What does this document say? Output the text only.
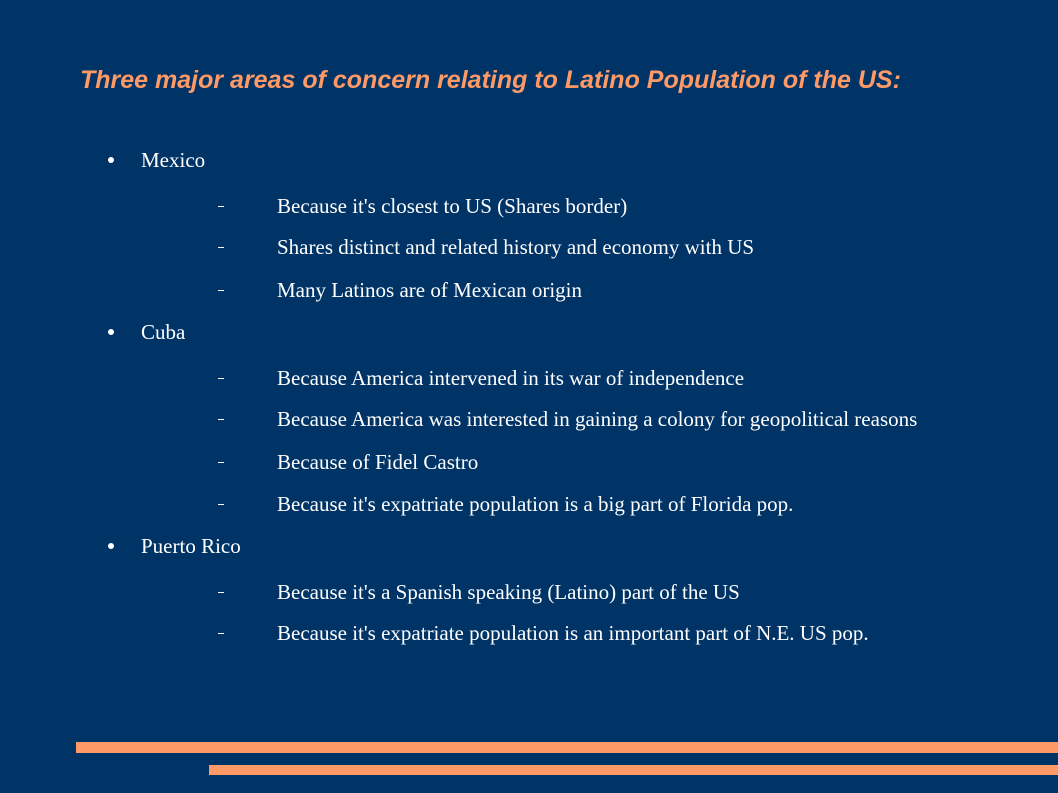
Three major areas of concern relating to Latino Population of the US:
Mexico
Because it's closest to US (Shares border)
Shares distinct and related history and economy with US
Many Latinos are of Mexican origin
Cuba
Because America intervened in its war of independence
Because America was interested in gaining a colony for geopolitical reasons
Because of Fidel Castro
Because it's expatriate population is a big part of Florida pop.
Puerto Rico
Because it's a Spanish speaking (Latino) part of the US
Because it's expatriate population is an important part of N.E. US pop.
